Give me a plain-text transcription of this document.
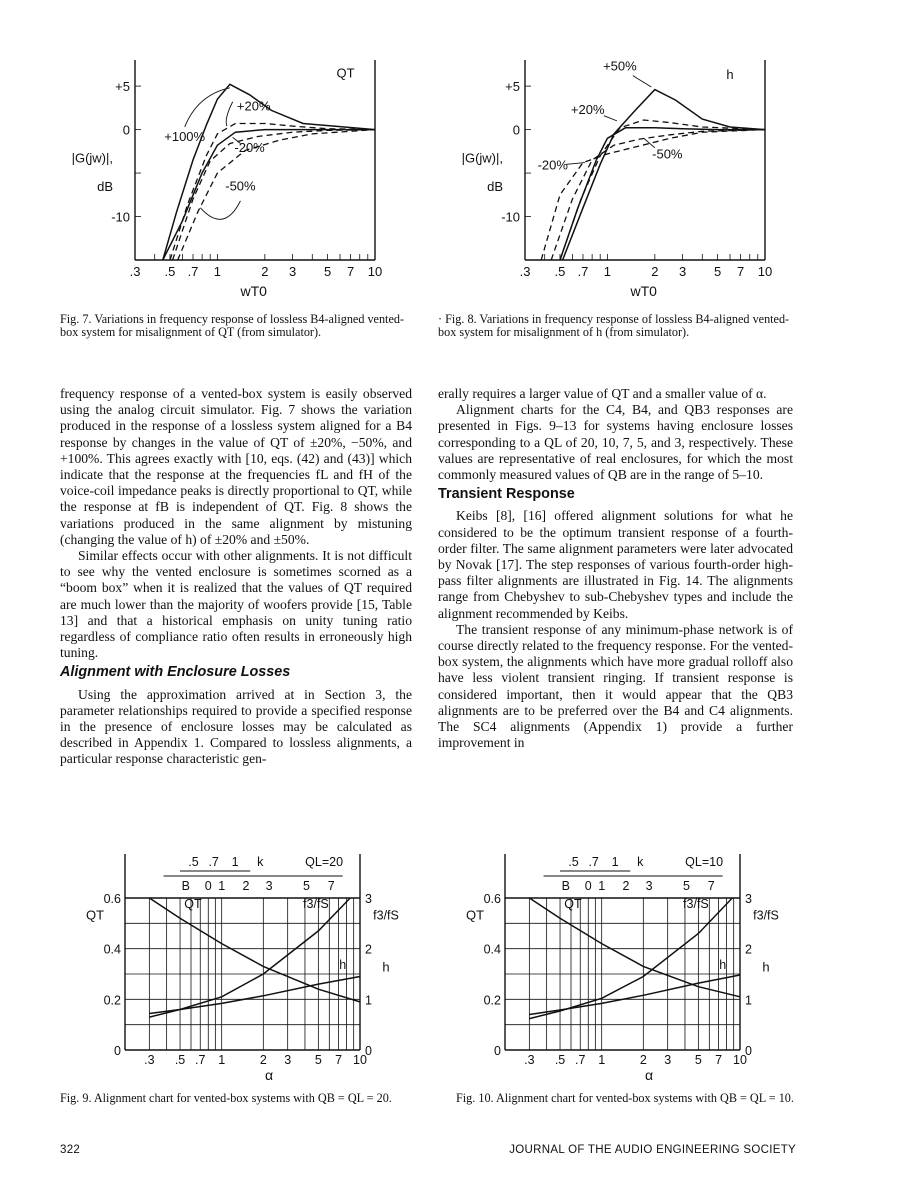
.3 .5 .7 1	2 3 5 7 10
+5
0
-10
|G(jw)|,
dB
wT0
QT
+20%
+100%
-20%
-50%
Fig. 7. Variations in frequency response of lossless B4-aligned vented-box system for misalignment of QT (from simulator).
.3 .5 .7 1	2 3 5 7 10
+5
0
-10
|G(jw)|,
dB
wT0
+50%
h
+20%
-20%
-50%
· Fig. 8. Variations in frequency response of lossless B4-aligned vented-box system for misalignment of h (from simulator).

frequency response of a vented-box system is easily observed using the analog circuit simulator. Fig. 7 shows the variation produced in the response of a lossless system aligned for a B4 response by changes in the value of QT of ±20%, −50%, and +100%. This agrees exactly with [10, eqs. (42) and (43)] which indicate that the response at the frequencies fL and fH of the voice-coil impedance peaks is directly proportional to QT, while the response at fB is independent of QT. Fig. 8 shows the variations produced in the same alignment by mistuning (changing the value of h) of ±20% and ±50%.

Similar effects occur with other alignments. It is not difficult to see why the vented enclosure is sometimes scorned as a “boom box” when it is realized that the values of QT required are much lower than the majority of woofers provide [15, Table 13] and that a historical emphasis on unity tuning ratio regardless of compliance ratio often results in erroneously high tuning.

Alignment with Enclosure Losses

Using the approximation arrived at in Section 3, the parameter relationships required to provide a specified response in the presence of enclosure losses may be calculated as described in Appendix 1. Compared to lossless alignments, a particular response characteristic gen-

erally requires a larger value of QT and a smaller value of α.

Alignment charts for the C4, B4, and QB3 responses are presented in Figs. 9–13 for systems having enclosure losses corresponding to a QL of 20, 10, 7, 5, and 3, respectively. These values are representative of real enclosures, for which the most commonly measured values of QB are in the range of 5–10.

Transient Response

Keibs [8], [16] offered alignment solutions for what he considered to be the optimum transient response of a fourth-order filter. The same alignment parameters were later advocated by Novak [17]. The step responses of various fourth-order high-pass filter alignments are illustrated in Fig. 14. The alignments range from Chebyshev to sub-Chebyshev types and include the alignment recommended by Keibs.

The transient response of any minimum-phase network is of course directly related to the frequency response. For the vented-box system, the alignments which have more gradual rolloff also have less violent transient ringing. If transient response is considered important, then it would appear that the QB3 alignments are to be preferred over the B4 and C4 alignments. The SC4 alignments (Appendix 1) provide a further improvement in

0
0.2
0.4
0.6
0
1
2
3
.3 .5 .7 1	2 3 5 7 10
α
QT	f3/fS
h
.5 .7 1 k	QL=20
B 0 1 2 3 5 7
QT	f3/fS
h
Fig. 9. Alignment chart for vented-box systems with QB = QL = 20.
0
0.2
0.4
0.6
0
1
2
3
.3 .5 .7 1	2 3 5 7 10
α
QT	f3/fS
h
.5 .7 1 k	QL=10
B 0 1 2 3 5 7
QT	f3/fS
h
Fig. 10. Alignment chart for vented-box systems with QB = QL = 10.
322	JOURNAL OF THE AUDIO ENGINEERING SOCIETY
